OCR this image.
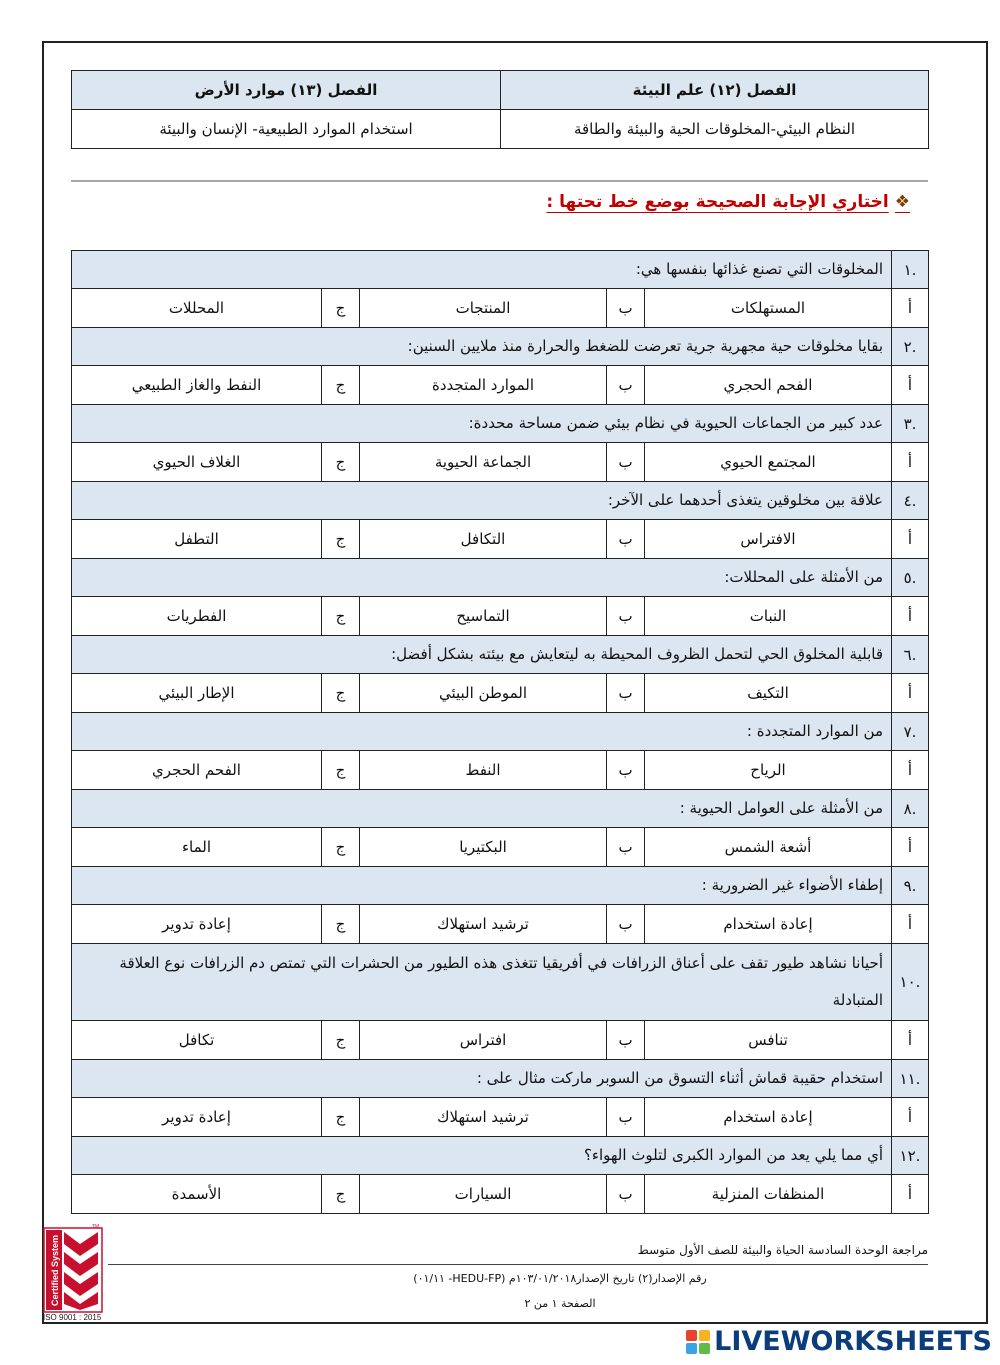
الفصل (١٢) علم البيئة	الفصل (١٣) موارد الأرض
النظام البيئي-المخلوقات الحية والبيئة والطاقة	استخدام الموارد الطبيعية- الإنسان والبيئة
❖اختاري الإجابة الصحيحة بوضع خط تحتها :
.١	المخلوقات التي تصنع غذائها بنفسها هي:				
أ	المستهلكات	ب	المنتجات	ج	المحللات
.٢	بقايا مخلوقات حية مجهرية جرية تعرضت للضغط والحرارة منذ ملايين السنين:				
أ	الفحم الحجري	ب	الموارد المتجددة	ج	النفط والغاز الطبيعي
.٣	عدد كبير من الجماعات الحيوية في نظام بيئي ضمن مساحة محددة:				
أ	المجتمع الحيوي	ب	الجماعة الحيوية	ج	الغلاف الحيوي
.٤	علاقة بين مخلوقين يتغذى أحدهما على الآخر:				
أ	الافتراس	ب	التكافل	ج	التطفل
.٥	من الأمثلة على المحللات:				
أ	النبات	ب	التماسيح	ج	الفطريات
.٦	قابلية المخلوق الحي لتحمل الظروف المحيطة به ليتعايش مع بيئته بشكل أفضل:				
أ	التكيف	ب	الموطن البيئي	ج	الإطار البيئي
.٧	من الموارد المتجددة :				
أ	الرياح	ب	النفط	ج	الفحم الحجري
.٨	من الأمثلة على العوامل الحيوية :				
أ	أشعة الشمس	ب	البكتيريا	ج	الماء
.٩	إطفاء الأضواء غير الضرورية :				
أ	إعادة استخدام	ب	ترشيد استهلاك	ج	إعادة تدوير
.١٠	أحيانا نشاهد طيور تقف على أعناق الزرافات في أفريقيا تتغذى هذه الطيور من الحشرات التي تمتص دم الزرافات نوع العلاقة المتبادلة				
أ	تنافس	ب	افتراس	ج	تكافل
.١١	استخدام حقيبة قماش أثناء التسوق من السوبر ماركت مثال على :				
أ	إعادة استخدام	ب	ترشيد استهلاك	ج	إعادة تدوير
.١٢	أي مما يلي يعد من الموارد الكبرى لتلوث الهواء؟				
أ	المنظفات المنزلية	ب	السيارات	ج	الأسمدة
مراجعة الوحدة السادسة الحياة والبيئة للصف الأول متوسط
رقم الإصدار(٢) تاريخ الإصدار١٠٣/٠١/٢٠١٨م (HEDU-FP- ٠١/١١)
الصفحة ١ من ٢
Certified System
TM
ISO 9001 : 2015
LIVEWORKSHEETS
